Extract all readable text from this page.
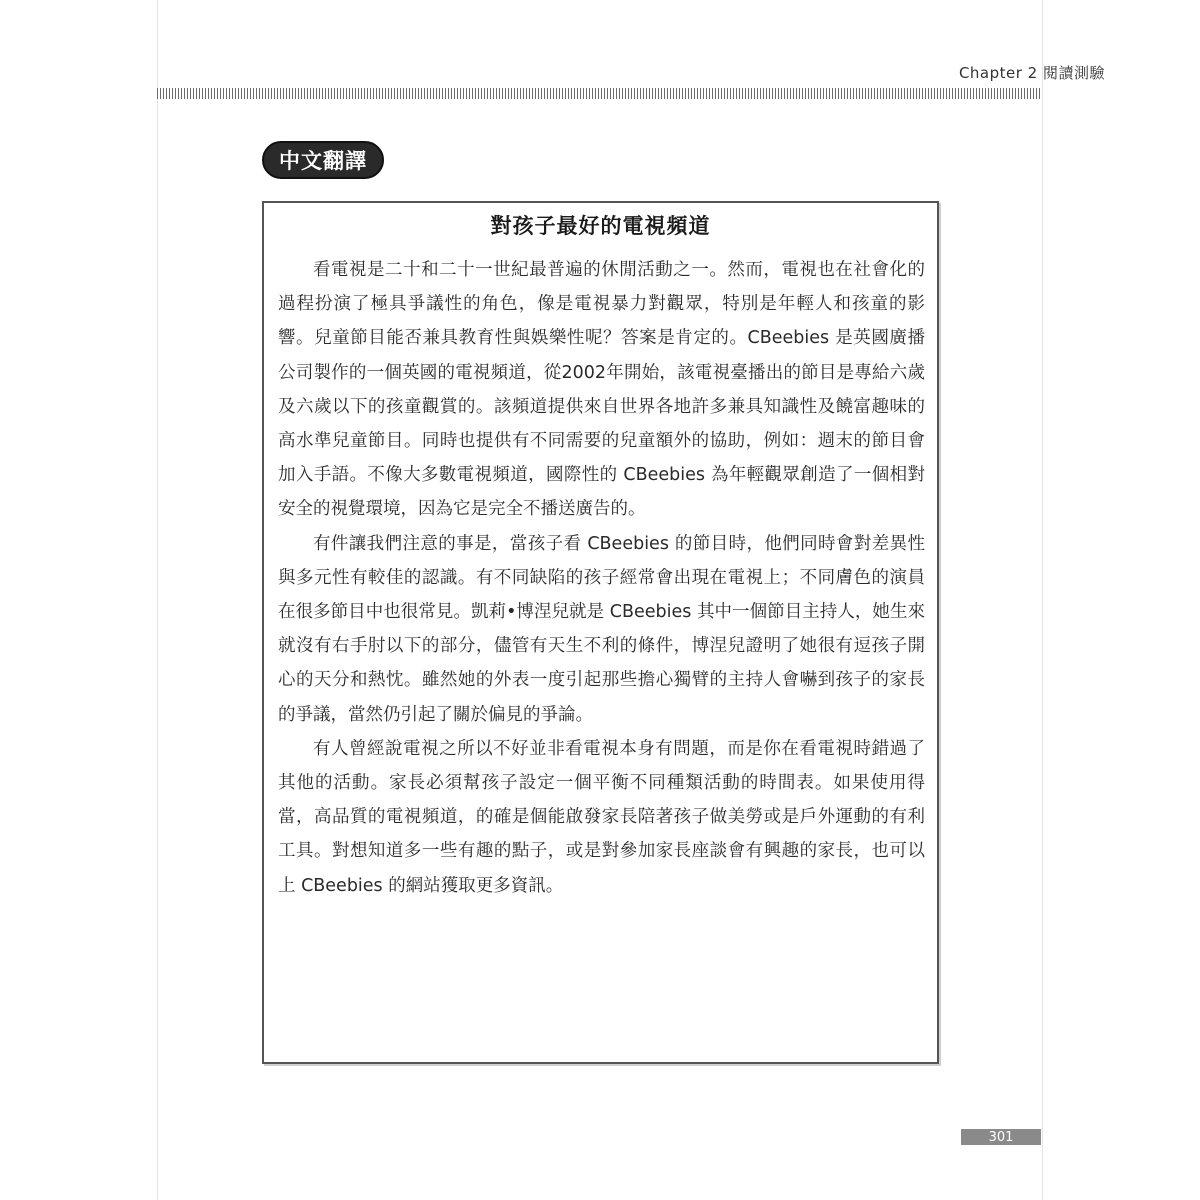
Chapter 2 閱讀測驗
中文翻譯
對孩子最好的電視頻道

看電視是二十和二十一世紀最普遍的休閒活動之一。然而，電視也在社會化的過程扮演了極具爭議性的角色，像是電視暴力對觀眾，特別是年輕人和孩童的影響。兒童節目能否兼具教育性與娛樂性呢？答案是肯定的。CBeebies 是英國廣播公司製作的一個英國的電視頻道，從2002年開始，該電視臺播出的節目是專給六歲及六歲以下的孩童觀賞的。該頻道提供來自世界各地許多兼具知識性及饒富趣味的高水準兒童節目。同時也提供有不同需要的兒童額外的協助，例如：週末的節目會加入手語。不像大多數電視頻道，國際性的 CBeebies 為年輕觀眾創造了一個相對安全的視覺環境，因為它是完全不播送廣告的。

有件讓我們注意的事是，當孩子看 CBeebies 的節目時，他們同時會對差異性與多元性有較佳的認識。有不同缺陷的孩子經常會出現在電視上；不同膚色的演員在很多節目中也很常見。凱莉•博涅兒就是 CBeebies 其中一個節目主持人，她生來就沒有右手肘以下的部分，儘管有天生不利的條件，博涅兒證明了她很有逗孩子開心的天分和熱忱。雖然她的外表一度引起那些擔心獨臂的主持人會嚇到孩子的家長的爭議，當然仍引起了關於偏見的爭論。

有人曾經說電視之所以不好並非看電視本身有問題，而是你在看電視時錯過了其他的活動。家長必須幫孩子設定一個平衡不同種類活動的時間表。如果使用得當，高品質的電視頻道，的確是個能啟發家長陪著孩子做美勞或是戶外運動的有利工具。對想知道多一些有趣的點子，或是對參加家長座談會有興趣的家長，也可以上 CBeebies 的網站獲取更多資訊。

301
